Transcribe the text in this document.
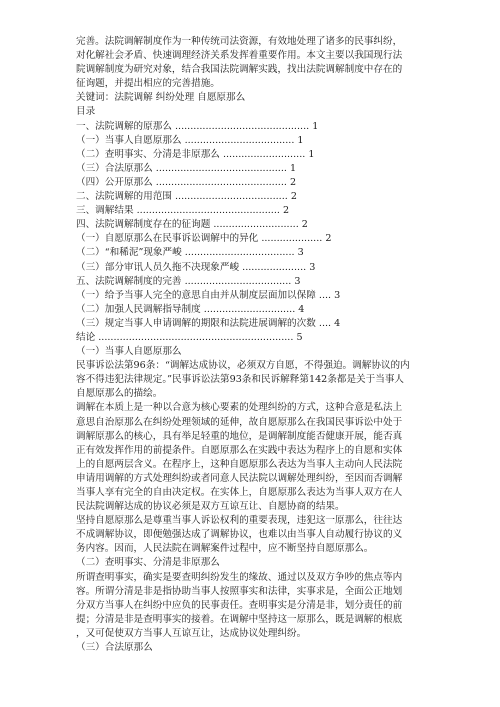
完善。法院调解制度作为一种传统司法资源，有效地处理了诸多的民事纠纷，
对化解社会矛盾、快速调理经济关系发挥着重要作用。本文主要以我国现行法
院调解制度为研究对象，结合我国法院调解实践，找出法院调解制度中存在的
征询题，并提出相应的完善措施。
关键词：法院调解 纠纷处理 自愿原那么
目录
一、法院调解的原那么 ............................................ 1
（一）当事人自愿原那么 .................................... 1
（二）查明事实、分清是非原那么 ........................... 1
（三）合法原那么 ........................................... 1
（四）公开原那么 ........................................... 2
二、法院调解的用范围 ..................................... 2
三、调解结果 ............................................... 2
四、法院调解制度存在的征询题 ............................ 2
（一）自愿原那么在民事诉讼调解中的异化 .................... 2
（二）“和稀泥”现象严峻 .................................... 3
（三）部分审讯人员久拖不决现象严峻 ..................... 3
五、法院调解制度的完善 ................................... 3
（一）给予当事人完全的意思自由并从制度层面加以保障 .... 3
（二）加强人民调解指导制度 .............................. 4
（三）规定当事人申请调解的期限和法院进展调解的次数 .... 4
结论 ................................................................ 5
（一）当事人自愿原那么
民事诉讼法第96条：“调解达成协议，必须双方自愿，不得强迫。调解协议的内
容不得违犯法律规定。”民事诉讼法第93条和民诉解释第142条都是关于当事人
自愿原那么的描绘。
调解在本质上是一种以合意为核心要素的处理纠纷的方式，这种合意是私法上
意思自治原那么在纠纷处理领域的延伸，故自愿原那么在我国民事诉讼中处于
调解原那么的核心，具有举足轻重的地位，是调解制度能否健康开展，能否真
正有效发挥作用的前提条件。自愿原那么在实践中表达为程序上的自愿和实体
上的自愿两层含义。在程序上，这种自愿原那么表达为当事人主动向人民法院
申请用调解的方式处理纠纷或者同意人民法院以调解处理纠纷，至因而否调解
当事人享有完全的自由决定权。在实体上，自愿原那么表达为当事人双方在人
民法院调解达成的协议必须是双方互谅互让、自愿协商的结果。
坚持自愿原那么是尊重当事人诉讼权利的重要表现，违犯这一原那么，往往达
不成调解协议，即便勉强达成了调解协议，也难以由当事人自动履行协议的义
务内容。因而，人民法院在调解案件过程中，应不断坚持自愿原那么。
（二）查明事实、分清是非原那么
所谓查明事实，确实是要查明纠纷发生的缘故、通过以及双方争吵的焦点等内
容。所谓分清是非是指协助当事人按照事实和法律，实事求是，全面公正地划
分双方当事人在纠纷中应负的民事责任。查明事实是分清是非，划分责任的前
提；分清是非是查明事实的接着。在调解中坚持这一原那么，既是调解的根底
，又可促使双方当事人互谅互让，达成协议处理纠纷。
（三）合法原那么
